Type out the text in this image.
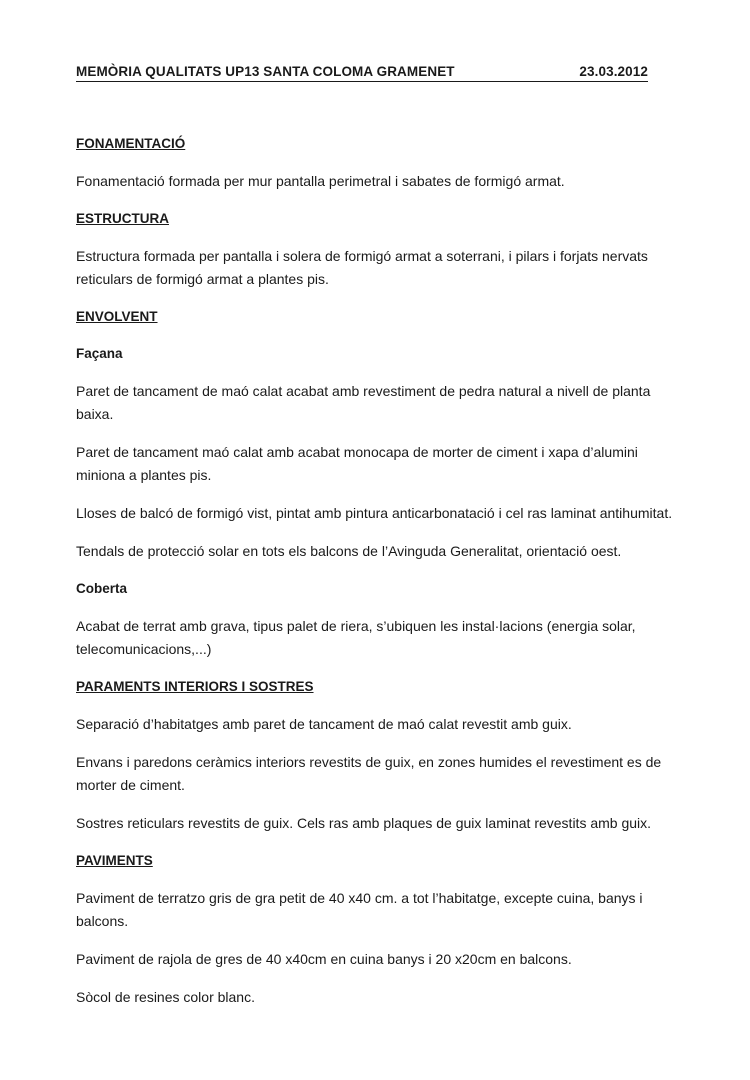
MEMÒRIA QUALITATS UP13 SANTA COLOMA GRAMENET	23.03.2012
FONAMENTACIÓ

Fonamentació formada per mur pantalla perimetral i sabates de formigó armat.

ESTRUCTURA

Estructura formada per pantalla i solera de formigó armat a soterrani, i pilars i forjats nervats reticulars de formigó armat a plantes pis.

ENVOLVENT
Façana

Paret de tancament de maó calat acabat amb revestiment de pedra natural a nivell de planta baixa.

Paret de tancament maó calat amb acabat monocapa de morter de ciment i xapa d’alumini miniona a plantes pis.

Lloses de balcó de formigó vist, pintat amb pintura anticarbonatació i cel ras laminat antihumitat.

Tendals de protecció solar en tots els balcons de l’Avinguda Generalitat, orientació oest.

Coberta

Acabat de terrat amb grava, tipus palet de riera, s’ubiquen les instal·lacions (energia solar, telecomunicacions,...)

PARAMENTS INTERIORS I SOSTRES

Separació d’habitatges amb paret de tancament de maó calat revestit amb guix.

Envans i paredons ceràmics interiors revestits de guix, en zones humides el revestiment es de morter de ciment.

Sostres reticulars revestits de guix. Cels ras amb plaques de guix laminat revestits amb guix.

PAVIMENTS

Paviment de terratzo gris de gra petit de 40 x40 cm. a tot l’habitatge, excepte cuina, banys i balcons.

Paviment de rajola de gres de 40 x40cm en cuina banys i 20 x20cm en balcons.

Sòcol de resines color blanc.
